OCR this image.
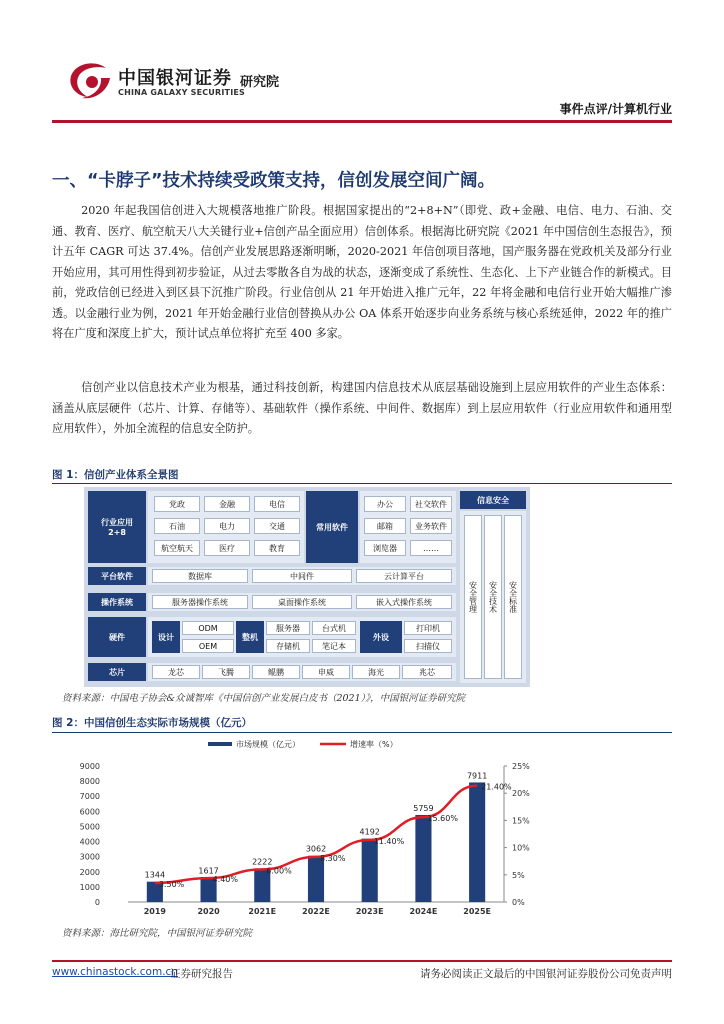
中国银河证券 研究院
CHINA GALAXY SECURITIES
事件点评/计算机行业
一、“卡脖子”技术持续受政策支持，信创发展空间广阔。

2020 年起我国信创进入大规模落地推广阶段。根据国家提出的“2+8+N”（即党、政+金融、电信、电力、石油、交通、教育、医疗、航空航天八大关键行业+信创产品全面应用）信创体系。根据海比研究院《2021 年中国信创生态报告》，预计五年 CAGR 可达 37.4%。信创产业发展思路逐渐明晰，2020-2021 年信创项目落地，国产服务器在党政机关及部分行业开始应用，其可用性得到初步验证，从过去零散各自为战的状态，逐渐变成了系统性、生态化、上下产业链合作的新模式。目前，党政信创已经进入到区县下沉推广阶段。行业信创从 21 年开始进入推广元年，22 年将金融和电信行业开始大幅推广渗透。以金融行业为例，2021 年开始金融行业信创替换从办公 OA 体系开始逐步向业务系统与核心系统延伸，2022 年的推广将在广度和深度上扩大，预计试点单位将扩充至 400 多家。

信创产业以信息技术产业为根基，通过科技创新，构建国内信息技术从底层基础设施到上层应用软件的产业生态体系：涵盖从底层硬件（芯片、计算、存储等）、基础软件（操作系统、中间件、数据库）到上层应用软件（行业应用软件和通用型应用软件），外加全流程的信息安全防护。

图 1：信创产业体系全景图
行业应用
2+8
党政	金融	电信
石油	电力	交通
航空航天	医疗	教育
常用软件
办公	社交软件
邮箱	业务软件
浏览器	……
信息安全
安全管理	安全技术	安全标准
平台软件	数据库	中间件	云计算平台
操作系统	服务器操作系统	桌面操作系统	嵌入式操作系统
硬件	设计
ODM
OEM
整机
服务器	台式机
存储机	笔记本
外设
打印机
扫描仪
芯片	龙芯	飞腾	鲲鹏	申威	海光	兆芯
资料来源：中国电子协会&众诚智库《中国信创产业发展白皮书（2021）》，中国银河证券研究院
图 2：中国信创生态实际市场规模（亿元）
0
1000
2000
3000
4000
5000
6000
7000
8000
9000
0%
5%
10%
15%
20%
25%
1344
2019
1617
2020
2222
2021E
3062
2022E
4192
2023E
5759
2024E
7911
2025E
3.50%
4.40%
6.00%
8.30%
11.40%
15.60%
21.40%
市场规模（亿元）	增速率（%）
资料来源：海比研究院，中国银河证券研究院
www.chinastock.com.cn
证券研究报告	请务必阅读正文最后的中国银河证券股份公司免责声明
